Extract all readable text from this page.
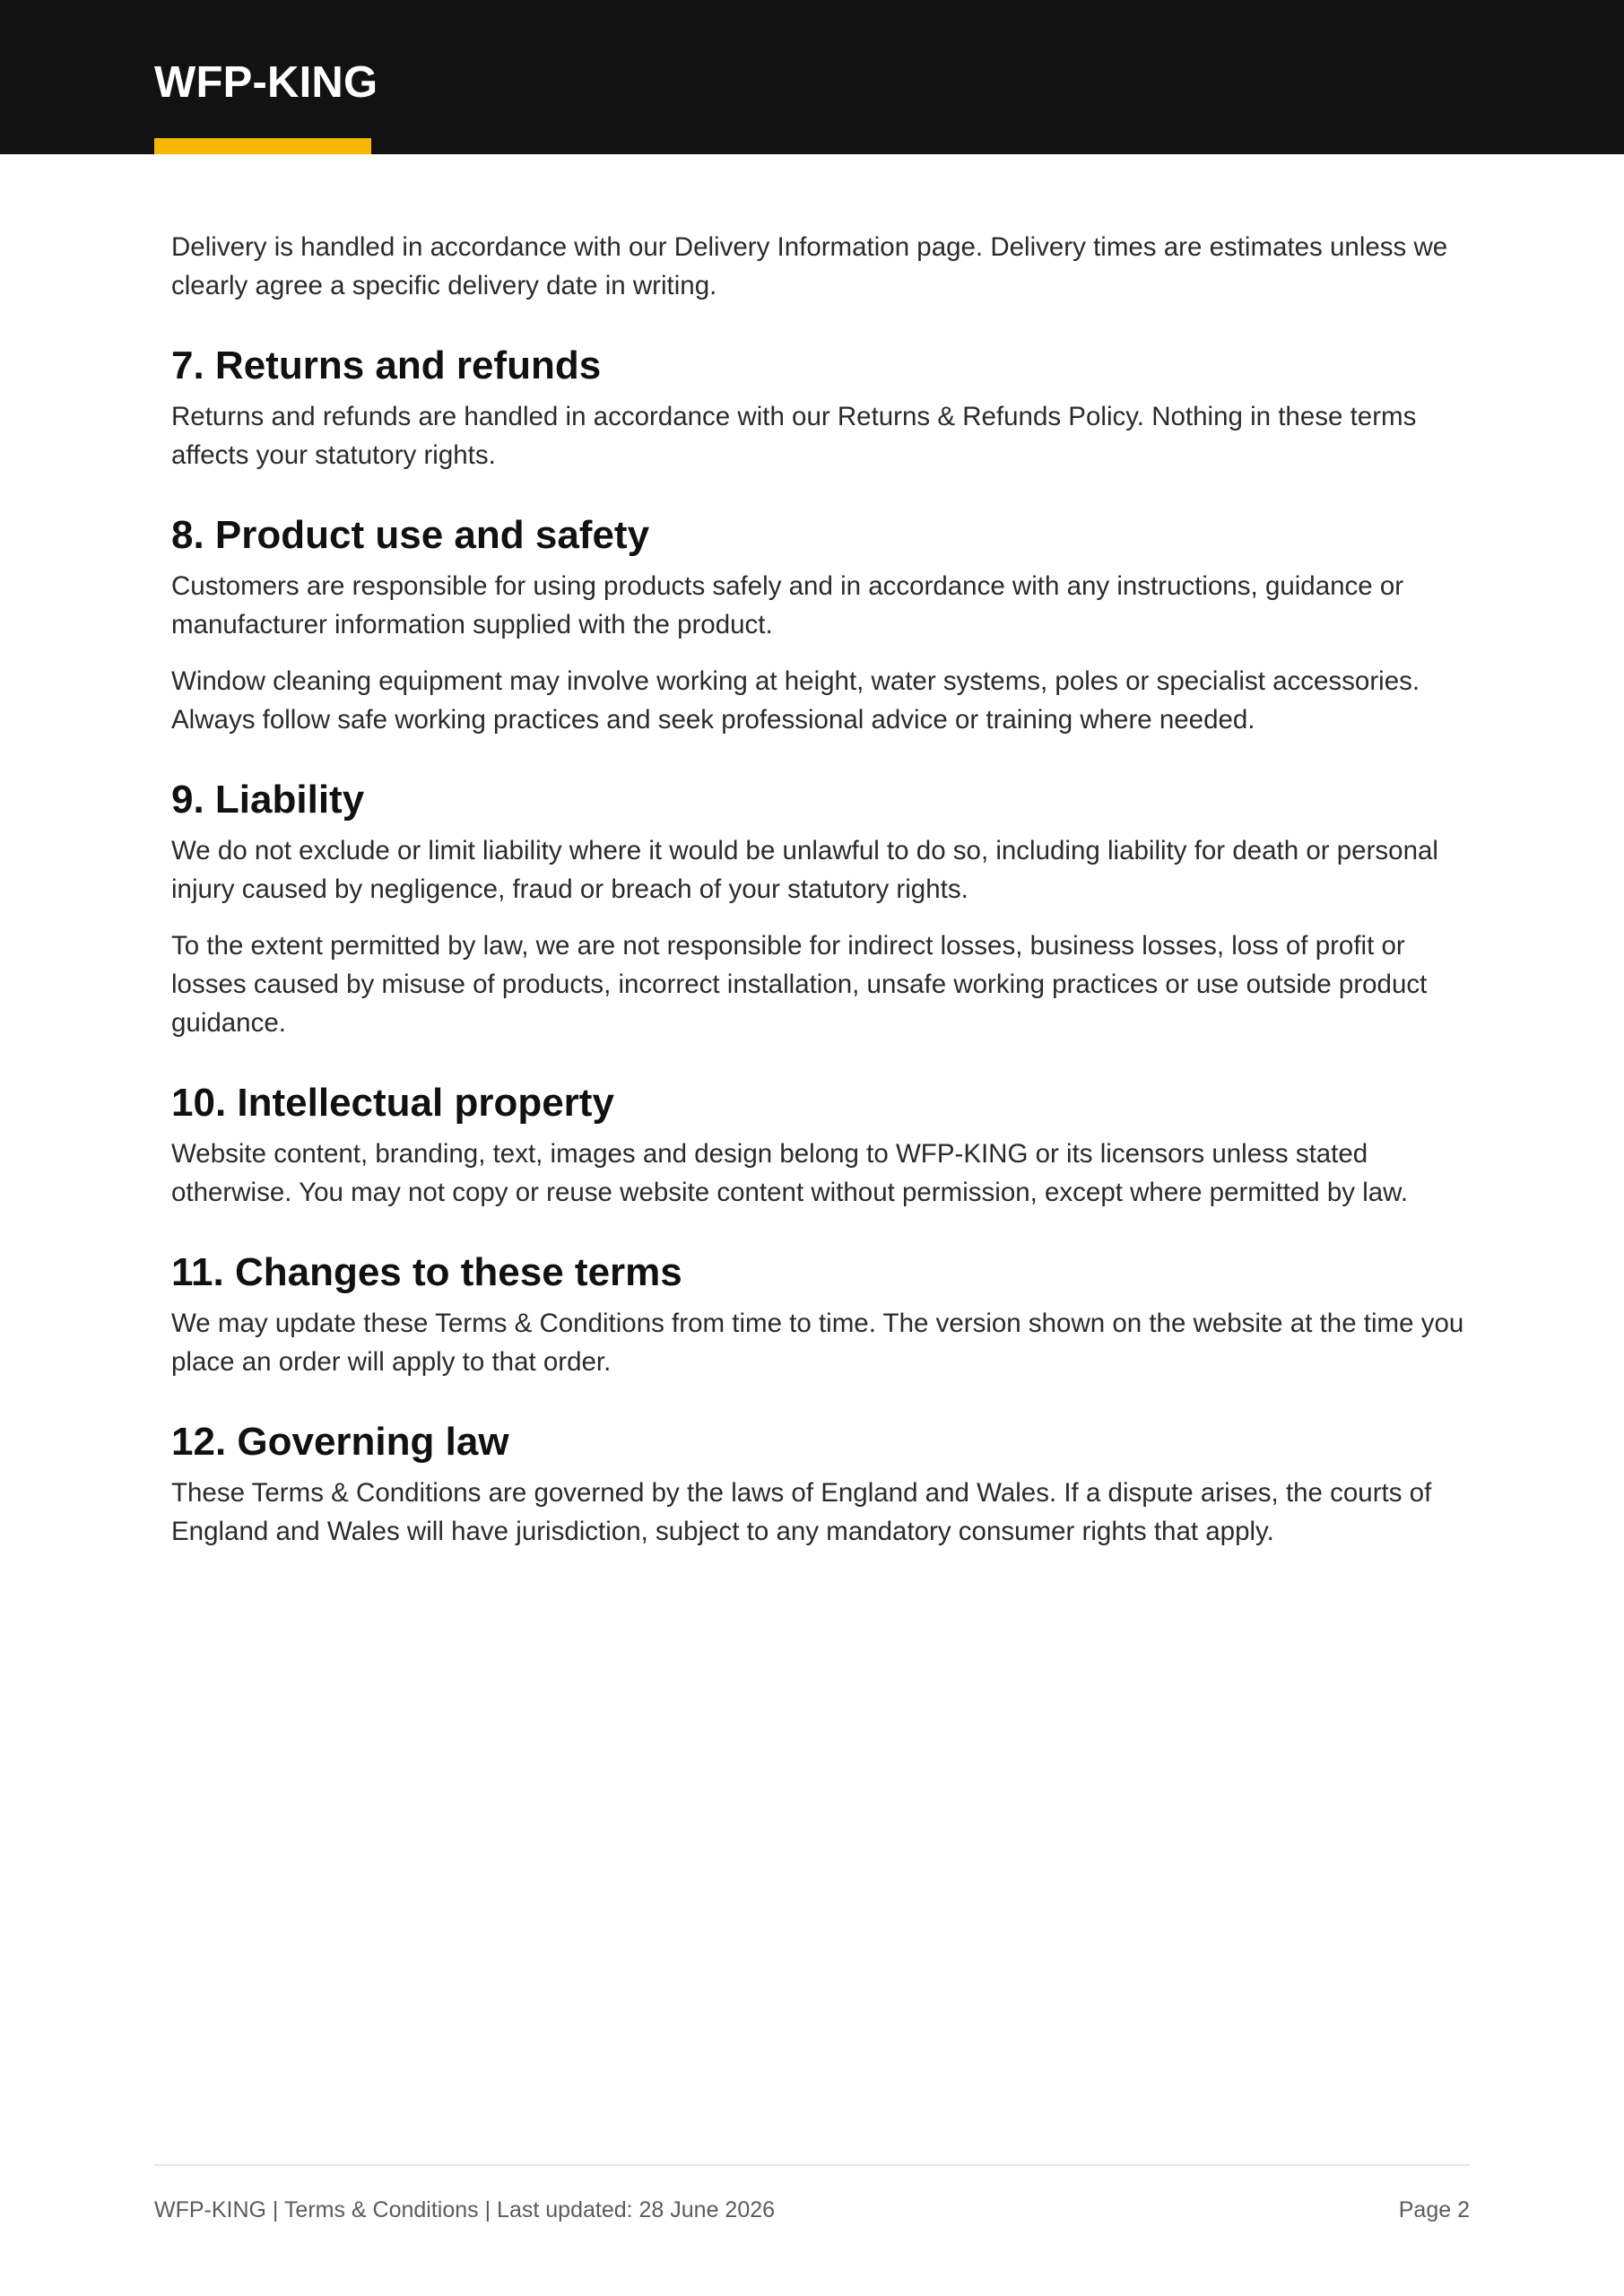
WFP-KING

Delivery is handled in accordance with our Delivery Information page. Delivery times are estimates unless we clearly agree a specific delivery date in writing.

7. Returns and refunds

Returns and refunds are handled in accordance with our Returns & Refunds Policy. Nothing in these terms affects your statutory rights.

8. Product use and safety

Customers are responsible for using products safely and in accordance with any instructions, guidance or manufacturer information supplied with the product.

Window cleaning equipment may involve working at height, water systems, poles or specialist accessories. Always follow safe working practices and seek professional advice or training where needed.

9. Liability

We do not exclude or limit liability where it would be unlawful to do so, including liability for death or personal injury caused by negligence, fraud or breach of your statutory rights.

To the extent permitted by law, we are not responsible for indirect losses, business losses, loss of profit or losses caused by misuse of products, incorrect installation, unsafe working practices or use outside product guidance.

10. Intellectual property

Website content, branding, text, images and design belong to WFP-KING or its licensors unless stated otherwise. You may not copy or reuse website content without permission, except where permitted by law.

11. Changes to these terms

We may update these Terms & Conditions from time to time. The version shown on the website at the time you place an order will apply to that order.

12. Governing law

These Terms & Conditions are governed by the laws of England and Wales. If a dispute arises, the courts of England and Wales will have jurisdiction, subject to any mandatory consumer rights that apply.

WFP-KING | Terms & Conditions | Last updated: 28 June 2026	Page 2
